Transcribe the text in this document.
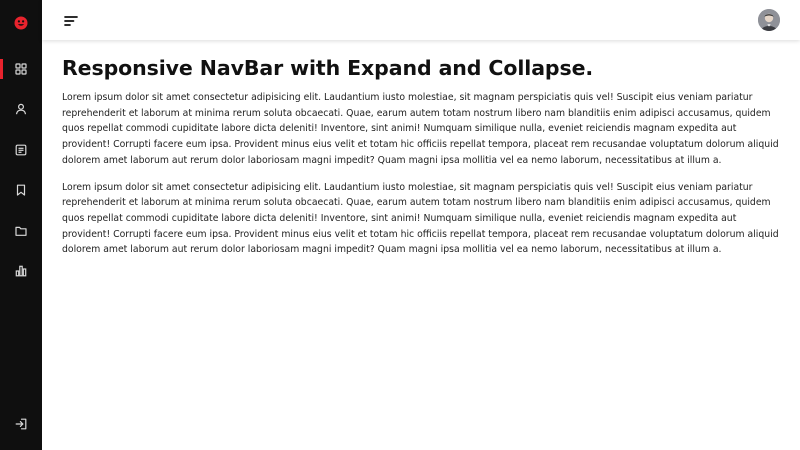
Responsive NavBar with Expand and Collapse.

Lorem ipsum dolor sit amet consectetur adipisicing elit. Laudantium iusto molestiae, sit magnam perspiciatis quis vel! Suscipit eius veniam pariatur reprehenderit et laborum at minima rerum soluta obcaecati. Quae, earum autem totam nostrum libero nam blanditiis enim adipisci accusamus, quidem quos repellat commodi cupiditate labore dicta deleniti! Inventore, sint animi! Numquam similique nulla, eveniet reiciendis magnam expedita aut provident! Corrupti facere eum ipsa. Provident minus eius velit et totam hic officiis repellat tempora, placeat rem recusandae voluptatum dolorum aliquid dolorem amet laborum aut rerum dolor laboriosam magni impedit? Quam magni ipsa mollitia vel ea nemo laborum, necessitatibus at illum a.

Lorem ipsum dolor sit amet consectetur adipisicing elit. Laudantium iusto molestiae, sit magnam perspiciatis quis vel! Suscipit eius veniam pariatur reprehenderit et laborum at minima rerum soluta obcaecati. Quae, earum autem totam nostrum libero nam blanditiis enim adipisci accusamus, quidem quos repellat commodi cupiditate labore dicta deleniti! Inventore, sint animi! Numquam similique nulla, eveniet reiciendis magnam expedita aut provident! Corrupti facere eum ipsa. Provident minus eius velit et totam hic officiis repellat tempora, placeat rem recusandae voluptatum dolorum aliquid dolorem amet laborum aut rerum dolor laboriosam magni impedit? Quam magni ipsa mollitia vel ea nemo laborum, necessitatibus at illum a.
